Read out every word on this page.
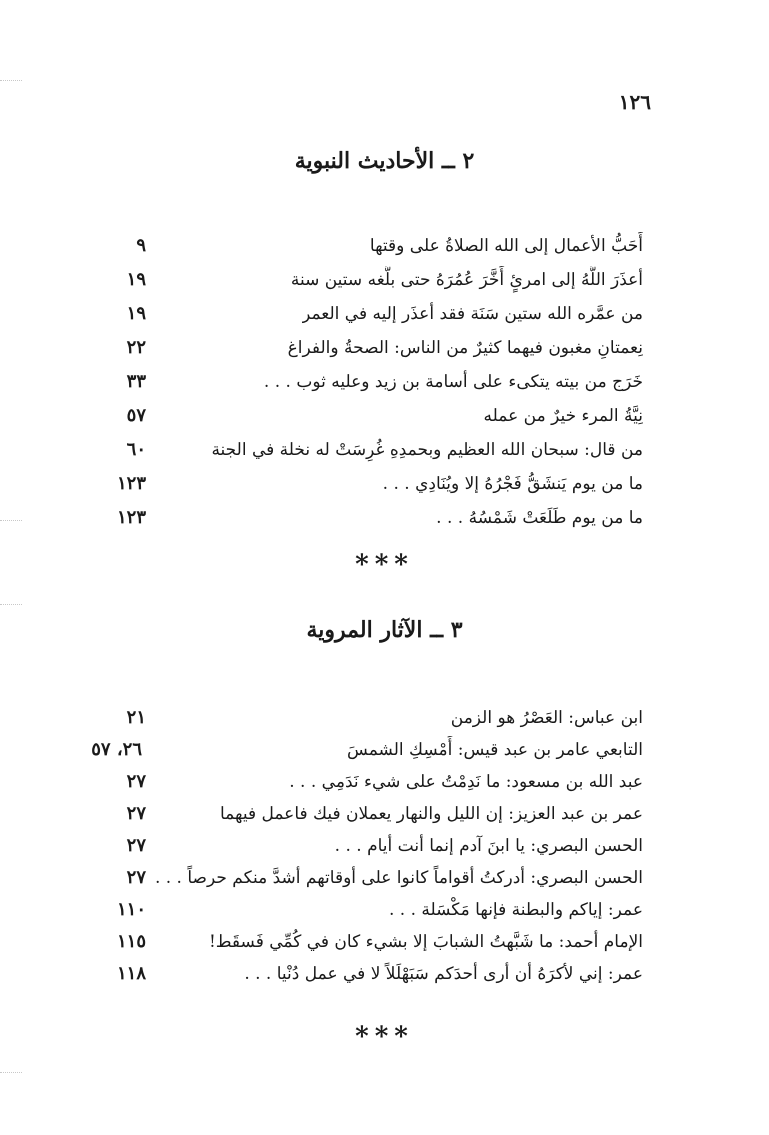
١٢٦
٢ ــ الأحاديث النبوية
أَحَبُّ الأعمال إلى الله الصلاةُ على وقتها
٩
أعذَرَ اللَّهُ إلى امرئٍ أَخَّرَ عُمُرَهُ حتى بلَّغه ستين سنة
١٩
من عمَّره الله ستين سَنَة فقد أعذَر إليه في العمر
١٩
نِعمتانِ مغبون فيهما كثيرٌ من الناس: الصحةُ والفراغ
٢٢
خَرَج من بيته يتكىء على أسامة بن زيد وعليه ثوب . . .
٣٣
نِيَّةُ المرء خيرٌ من عمله
٥٧
من قال: سبحان الله العظيم وبحمدِهِ غُرِسَتْ له نخلة في الجنة
٦٠
ما من يوم يَنشَقُّ فَجْرُهُ إلا ويُنَادِي . . .
١٢٣
ما من يوم طَلَعَتْ شَمْسُهُ . . .
١٢٣
***
٣ ــ الآثار المروية
ابن عباس: العَصْرُ هو الزمن
٢١
التابعي عامر بن عبد قيس: أَمْسِكِ الشمسَ
٢٦، ٥٧
عبد الله بن مسعود: ما نَدِمْتُ على شيء نَدَمِي . . .
٢٧
عمر بن عبد العزيز: إن الليل والنهار يعملان فيك فاعمل فيهما
٢٧
الحسن البصري: يا ابنَ آدم إنما أنت أيام . . .
٢٧
الحسن البصري: أدركتُ أقواماً كانوا على أوقاتهم أشدَّ منكم حرصاً . . .
٢٧
عمر: إياكم والبطنة فإنها مَكْسَلة . . .
١١٠
الإمام أحمد: ما شَبَّهتُ الشبابَ إلا بشيء كان في كُمِّي فَسقَط!
١١٥
عمر: إني لأكرَهُ أن أرى أحدَكم سَبَهْلَلاً لا في عمل دُنْيا . . .
١١٨
***
